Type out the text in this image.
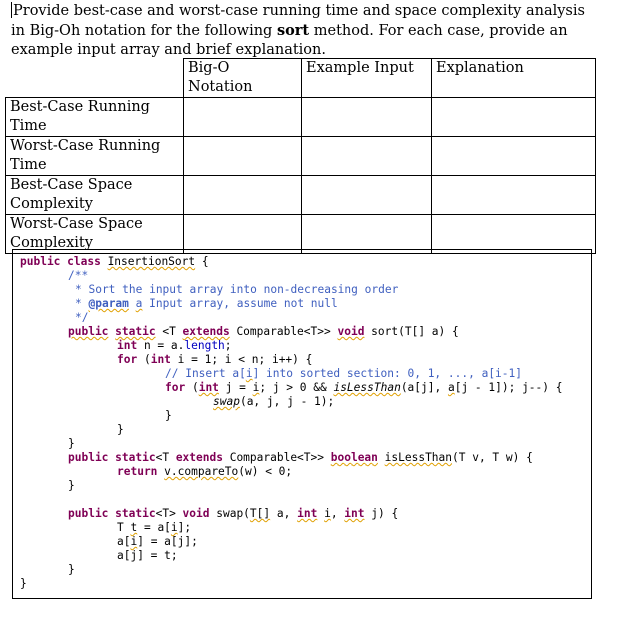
Provide best-case and worst-case running time and space complexity analysis in Big-Oh notation for the following sort method. For each case, provide an example input array and brief explanation.
	Big-O Notation	Example Input	Explanation
Best-Case Running Time			
Worst-Case Running Time			
Best-Case Space Complexity			
Worst-Case Space Complexity			
public class InsertionSort {
/**
* Sort the input array into non-decreasing order
* @param a Input array, assume not null
*/
public static <T extends Comparable<T>> void sort(T[] a) {
int n = a.length;
for (int i = 1; i < n; i++) {
// Insert a[i] into sorted section: 0, 1, ..., a[i-1]
for (int j = i; j > 0 && isLessThan(a[j], a[j - 1]); j--) {
swap(a, j, j - 1);
}
}
}
public static<T extends Comparable<T>> boolean isLessThan(T v, T w) {
return v.compareTo(w) < 0;
}
public static<T> void swap(T[] a, int i, int j) {
T t = a[i];
a[i] = a[j];
a[j] = t;
}
}
